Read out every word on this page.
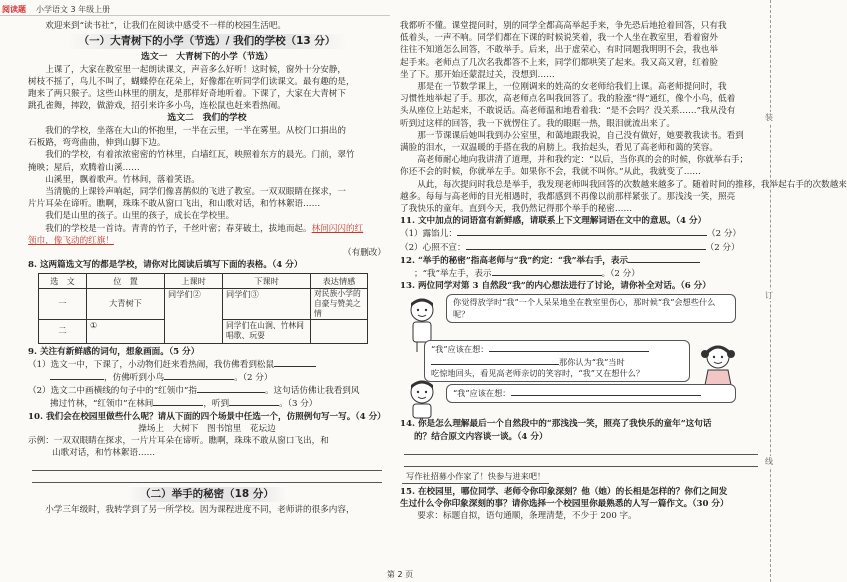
阅读题 小学语文 3 年级上册

欢迎来到“读书社”，让我们在阅读中感受不一样的校园生活吧。

（一）大青树下的小学（节选）/ 我们的学校（13 分）
选文一　大青树下的小学（节选）

上课了，大家在教室里一起朗读课文，声音多么好听！这时候，窗外十分安静，

树枝不摇了，鸟儿不叫了，蝴蝶停在花朵上，好像都在听同学们读课文。最有趣的是，

跑来了两只猴子。这些山林里的朋友，是那样好奇地听着。下课了，大家在大青树下

跳孔雀舞，摔跤，做游戏，招引来许多小鸟，连松鼠也赶来看热闹。

选文二　我们的学校

我们的学校，坐落在大山的怀抱里，一半在云里，一半在雾里。从校门口捐出的

石板路，弯弯曲曲，伸到山脚下边。

我们的学校，有着浓浓密密的竹林里，白墙红瓦，映照着东方的晨光。门前，翠竹

掩映；屋后，欢腾着山溪……

山溪里，飘着歌声。竹林间，落着笑语。

当清脆的上课铃声响起，同学们像喜鹊似的飞进了教室。一双双眼睛在探求，一

片片耳朵在谛听。瞧啊，珠珠不敢从窗口飞出，和山歌对话，和竹林絮语……

我们是山里的孩子。山里的孩子，成长在学校里。

我们的学校是一首诗。青青的竹子，千丝叶密；春芽破土，拔地而起。林间闪闪的红

领巾，像飞动的红旗！

（有删改）

8. 这两篇选文写的都是学校，请你对比阅读后填写下面的表格。（4 分）

选　文	位　置	上课时	下课时	表达情感
一	大青树下	同学们②	同学们③	对民族小学的自豪与赞美之情
二	①		同学们在山涧、竹林间唱歌、玩耍	

9. 关注有新鲜感的词句，想象画面。（5 分）

（1）选文一中，下课了，小动物们赶来看热闹，我仿佛看到松鼠

，仿佛听到小鸟	。（2 分）

（2）选文二中画横线的句子中的“红领巾”指	。这句话仿佛让我看到风

拂过竹林，“红领巾”在林间	，听到	。（3 分）

10. 我们会在校园里做些什么呢？请从下面的四个场景中任选一个，仿照例句写一写。（4 分）

操场上　大树下　图书馆里　花坛边

示例：一双双眼睛在探求，一片片耳朵在谛听。瞧啊，珠珠不敢从窗口飞出，和

山歌对话，和竹林絮语……

（二）举手的秘密（18 分）

小学三年级时，我转学到了另一所学校。因为课程进度不同，老师讲的很多内容，

我都听不懂。课堂提问时，别的同学全都高高举起手来，争先恐后地抢着回答，只有我

低着头，一声不响。同学们都在下课的时候说笑着，我一个人坐在教室里，看着窗外

往往不知道怎么回答，不敢举手。后来，出于虚荣心，有时同题我明明不会，我也举

起手来。老师点了几次名我都答不上来，同学们都哄笑了起来。我又高又窘，红着脸

坐了下。那开始还蒙混过关，没想到……

那是在一节数学课上，一位刚调来的姓高的女老师给我们上课。高老师提问时，我

习惯性地举起了手。那次，高老师点名叫我回答了。我的脸涨“得”通红，像个小鸟，低着

头从座位上站起来，不敢说话。高老师温和地看着我：“是不会吗？没关系……”我从没有

听到过这样的回答，我一下就愣住了。我的眼眶一热，眼泪就流出来了。

那一节课课后她叫我到办公室里，和蔼地跟我说，自己没有做好，她要教我读书。看到

满脸的泪水，一双温暖的手搭在我的肩膀上。我抬起头，看见了高老师和蔼的笑容。

高老师耐心地向我讲清了道理，并和我约定：“以后，当你真的会的时候，你就举右手；

你还不会的时候，你就举左手。如果你不会，我就不叫你。”从此，我就变了……

从此，每次提问时我总是举手，我发现老师叫我回答的次数越来越多了。随着时间的推移，我举起右手的次数越来

越多。每每与高老师的目光相遇时，我都感到不再像以前那样紧张了。那浅浅一笑，照亮

了我快乐的童年。直到今天，我仍然记得那个举手的秘密……

11. 文中加点的词语富有新鲜感，请联系上下文理解词语在文中的意思。（4 分）

（1）露馅儿：	（2 分）

（2）心照不宣：	（2 分）

12. “举手的秘密”指高老师与“我”约定：“我”举右手，表示

；“我”举左手，表示	。（2 分）

13. 两位同学对第 3 自然段“我”的内心想法进行了讨论，请你补全对话。（6 分）

你觉得放学时“我”一个人呆呆地坐在教室里伤心，那时候“我”会想些什么呢？

“我”应该在想：

那你认为“我”当时

吃惊地回头，看见高老师亲切的笑容时，“我”又在想什么？

“我”应该在想：

14. 你是怎么理解最后一个自然段中的“那浅浅一笑，照亮了我快乐的童年”这句话

的？结合原文内容谈一谈。（4 分）

写作社招募小作家了！快参与进来吧！

15. 在校园里，哪位同学、老师令你印象深刻？他（她）的长相是怎样的？你们之间发

生过什么令你印象深刻的事？请你选择一个校园里你最熟悉的人写一篇作文。（30 分）

要求：标题自拟，语句通顺，条理清楚，不少于 200 字。

装
订
线
第 2 页
